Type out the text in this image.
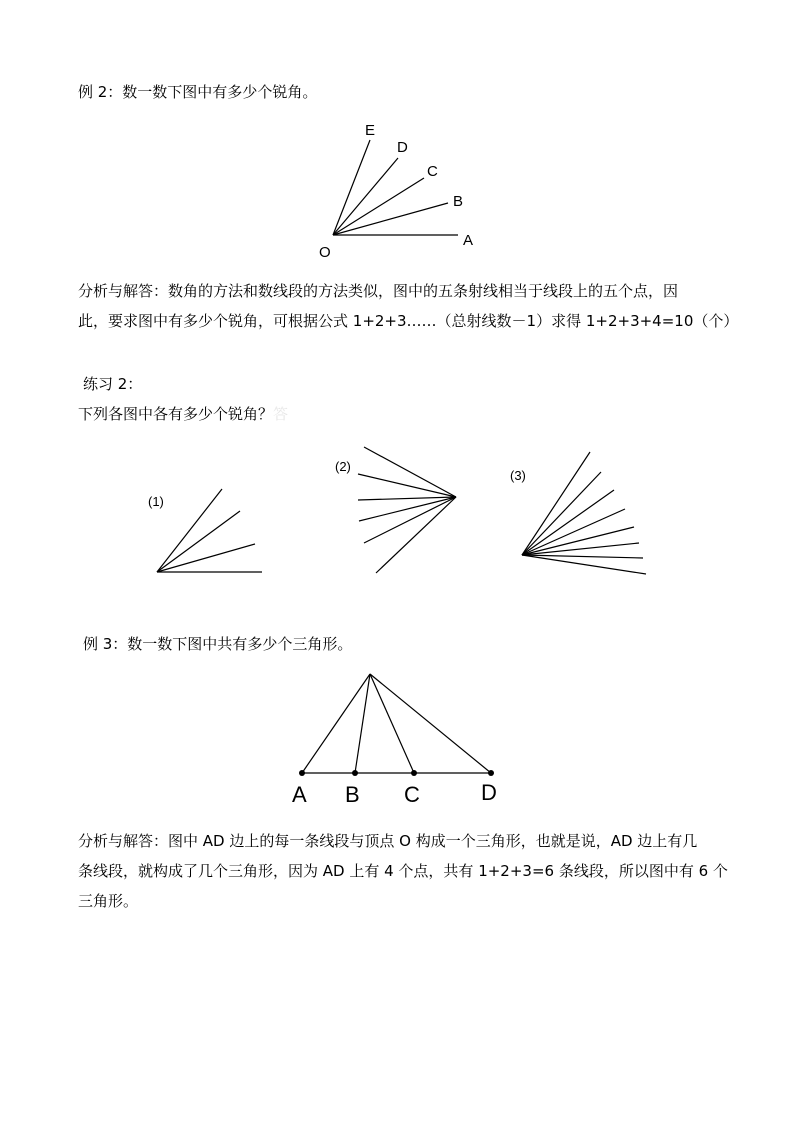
例 2：数一数下图中有多少个锐角。
E
D
C
B
A
O

分析与解答：数角的方法和数线段的方法类似，图中的五条射线相当于线段上的五个点，因

此，要求图中有多少个锐角，可根据公式 1+2+3……（总射线数－1）求得 1+2+3+4=10（个）

练习 2：
下列各图中各有多少个锐角？答
(1)
(2)
(3)
例 3：数一数下图中共有多少个三角形。
A B C	D

分析与解答：图中 AD 边上的每一条线段与顶点 O 构成一个三角形，也就是说，AD 边上有几

条线段，就构成了几个三角形，因为 AD 上有 4 个点，共有 1+2+3=6 条线段，所以图中有 6 个

三角形。
